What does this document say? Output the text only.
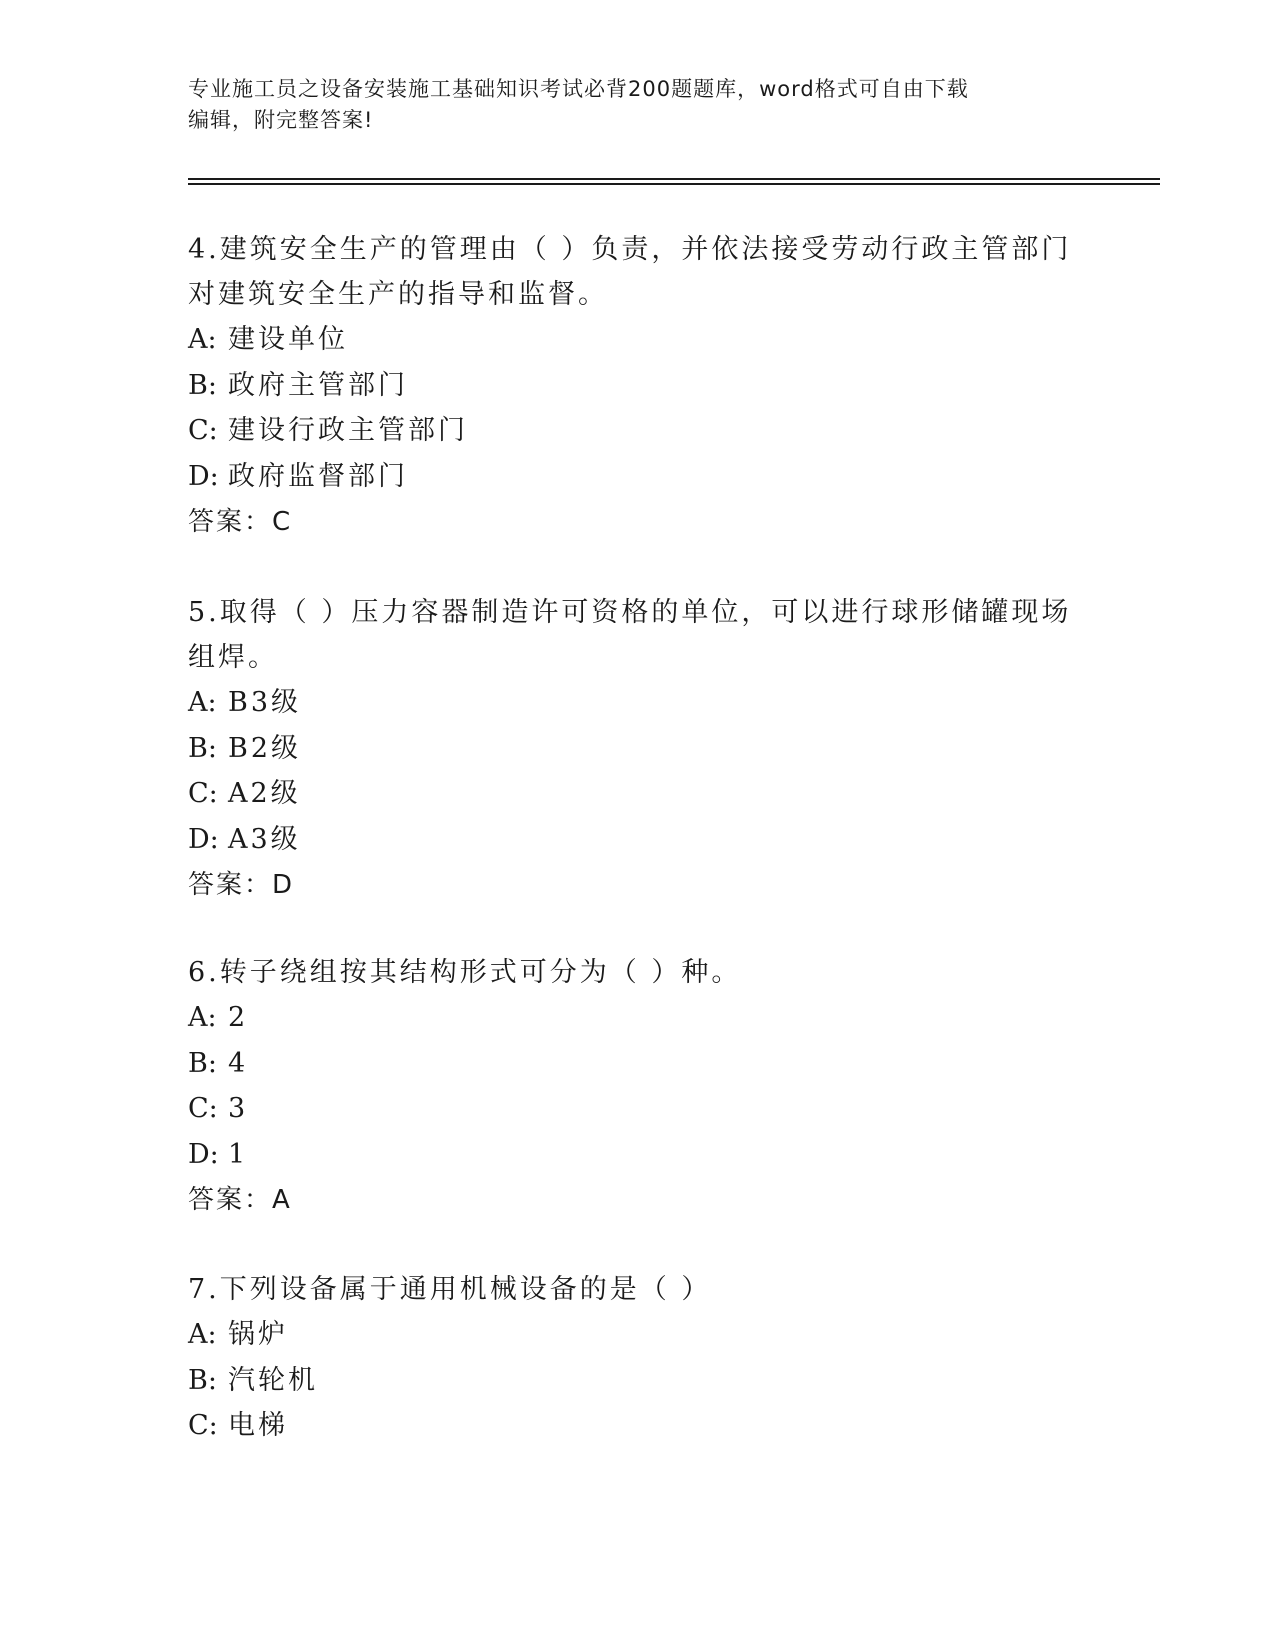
专业施工员之设备安装施工基础知识考试必背200题题库，word格式可自由下载
编辑，附完整答案!
4.建筑安全生产的管理由（ ）负责，并依法接受劳动行政主管部门对建筑安全生产的指导和监督。
A: 建设单位
B: 政府主管部门
C: 建设行政主管部门
D: 政府监督部门
答案：C
5.取得（ ）压力容器制造许可资格的单位，可以进行球形储罐现场组焊。
A: B3级
B: B2级
C: A2级
D: A3级
答案：D
6.转子绕组按其结构形式可分为（ ）种。
A: 2
B: 4
C: 3
D: 1
答案：A
7.下列设备属于通用机械设备的是（ ）
A: 锅炉
B: 汽轮机
C: 电梯
